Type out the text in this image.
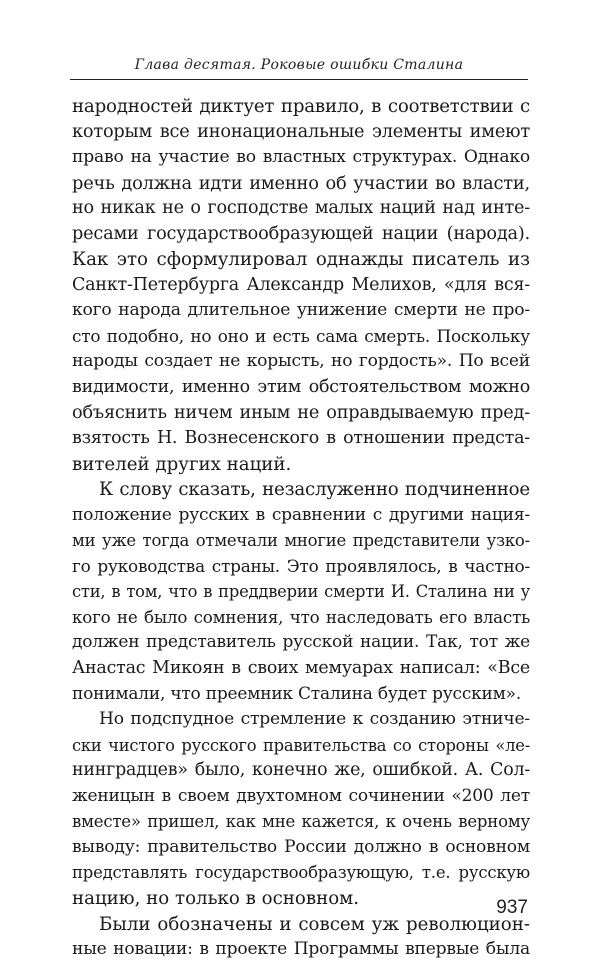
Глава десятая. Роковые ошибки Сталина
народностей диктует правило, в соответствии с
которым все инонациональные элементы имеют
право на участие во властных структурах. Однако
речь должна идти именно об участии во власти,
но никак не о господстве малых наций над инте-
ресами государствообразующей нации (народа).
Как это сформулировал однажды писатель из
Санкт-Петербурга Александр Мелихов, «для вся-
кого народа длительное унижение смерти не про-
сто подобно, но оно и есть сама смерть. Поскольку
народы создает не корысть, но гордость». По всей
видимости, именно этим обстоятельством можно
объяснить ничем иным не оправдываемую пред-
взятость Н. Вознесенского в отношении предста-
вителей других наций.
К слову сказать, незаслуженно подчиненное
положение русских в сравнении с другими нация-
ми уже тогда отмечали многие представители узко-
го руководства страны. Это проявлялось, в частно-
сти, в том, что в преддверии смерти И. Сталина ни у
кого не было сомнения, что наследовать его власть
должен представитель русской нации. Так, тот же
Анастас Микоян в своих мемуарах написал: «Все
понимали, что преемник Сталина будет русским».
Но подспудное стремление к созданию этниче-
ски чистого русского правительства со стороны «ле-
нинградцев» было, конечно же, ошибкой. А. Сол-
женицын в своем двухтомном сочинении «200 лет
вместе» пришел, как мне кажется, к очень верному
выводу: правительство России должно в основном
представлять государствообразующую, т.е. русскую
нацию, но только в основном.
Были обозначены и совсем уж революцион-
ные новации: в проекте Программы впервые была
937
